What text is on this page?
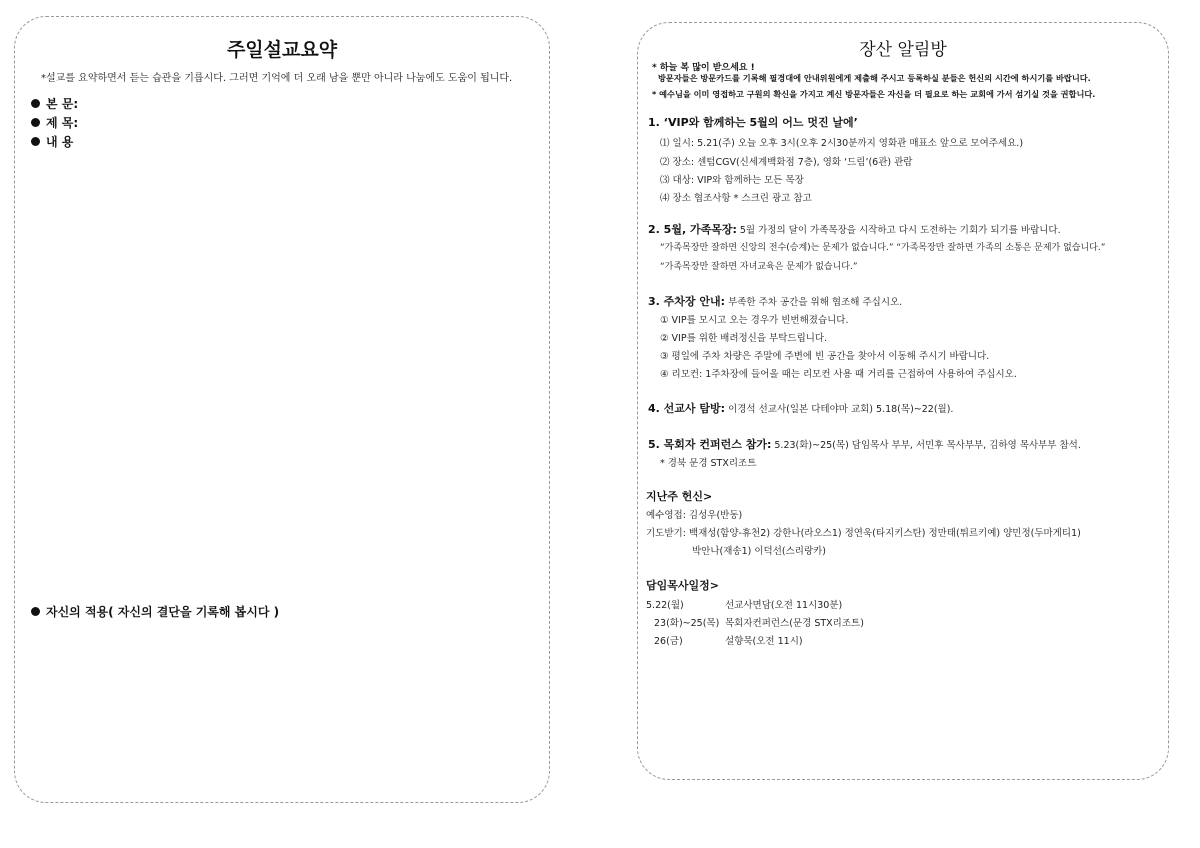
주일설교요약
*설교를 요약하면서 듣는 습관을 기릅시다. 그러면 기억에 더 오래 남을 뿐만 아니라 나눔에도 도움이 됩니다.
본 문:
제 목:
내 용
자신의 적용( 자신의 결단을 기록해 봅시다 )
장산 알림방
* 하늘 복 많이 받으세요 !
방문자들은 방문카드를 기록해 필경대에 안내위원에게 제출해 주시고 등록하실 분들은 헌신의 시간에 하시기를 바랍니다.
* 예수님을 이미 영접하고 구원의 확신을 가지고 계신 방문자들은 자신을 더 필요로 하는 교회에 가서 섬기실 것을 권합니다.
1. ‘VIP와 함께하는 5월의 어느 멋진 날에’
⑴ 일시: 5.21(주) 오늘 오후 3시(오후 2시30분까지 영화관 매표소 앞으로 모여주세요.)
⑵ 장소: 센텀CGV(신세계백화점 7층), 영화 ‘드림’(6관) 관람
⑶ 대상: VIP와 함께하는 모든 목장
⑷ 장소 협조사항 * 스크린 광고 참고
2. 5월, 가족목장: 5월 가정의 달이 가족목장을 시작하고 다시 도전하는 기회가 되기를 바랍니다.
“가족목장만 잘하면 신앙의 전수(승계)는 문제가 없습니다.” “가족목장만 잘하면 가족의 소통은 문제가 없습니다.”
“가족목장만 잘하면 자녀교육은 문제가 없습니다.”
3. 주차장 안내: 부족한 주차 공간을 위해 협조해 주십시오.
① VIP를 모시고 오는 경우가 빈번해졌습니다.
② VIP를 위한 배려정신을 부탁드립니다.
③ 평일에 주차 차량은 주말에 주변에 빈 공간을 찾아서 이동해 주시기 바랍니다.
④ 리모컨: 1주차장에 들어올 때는 리모컨 사용 때 거리를 근접하여 사용하여 주십시오.
4. 선교사 탐방: 이경석 선교사(일본 다테야마 교회) 5.18(목)~22(월).
5. 목회자 컨퍼런스 참가: 5.23(화)~25(목) 담임목사 부부, 서민후 목사부부, 김하영 목사부부 참석.
* 경북 문경 STX리조트
지난주 헌신>
예수영접: 김성우(반동)
기도받기: 백재성(함양-휴천2) 강한나(라오스1) 정연욱(타지키스탄) 정만태(튀르키예) 양민정(두마게티1)
박안나(재송1) 이덕선(스리랑카)
담임목사일정>
5.22(월)	선교사면담(오전 11시30분)
23(화)~25(목) 목회자컨퍼런스(문경 STX리조트)
26(금)	설향묵(오전 11시)
